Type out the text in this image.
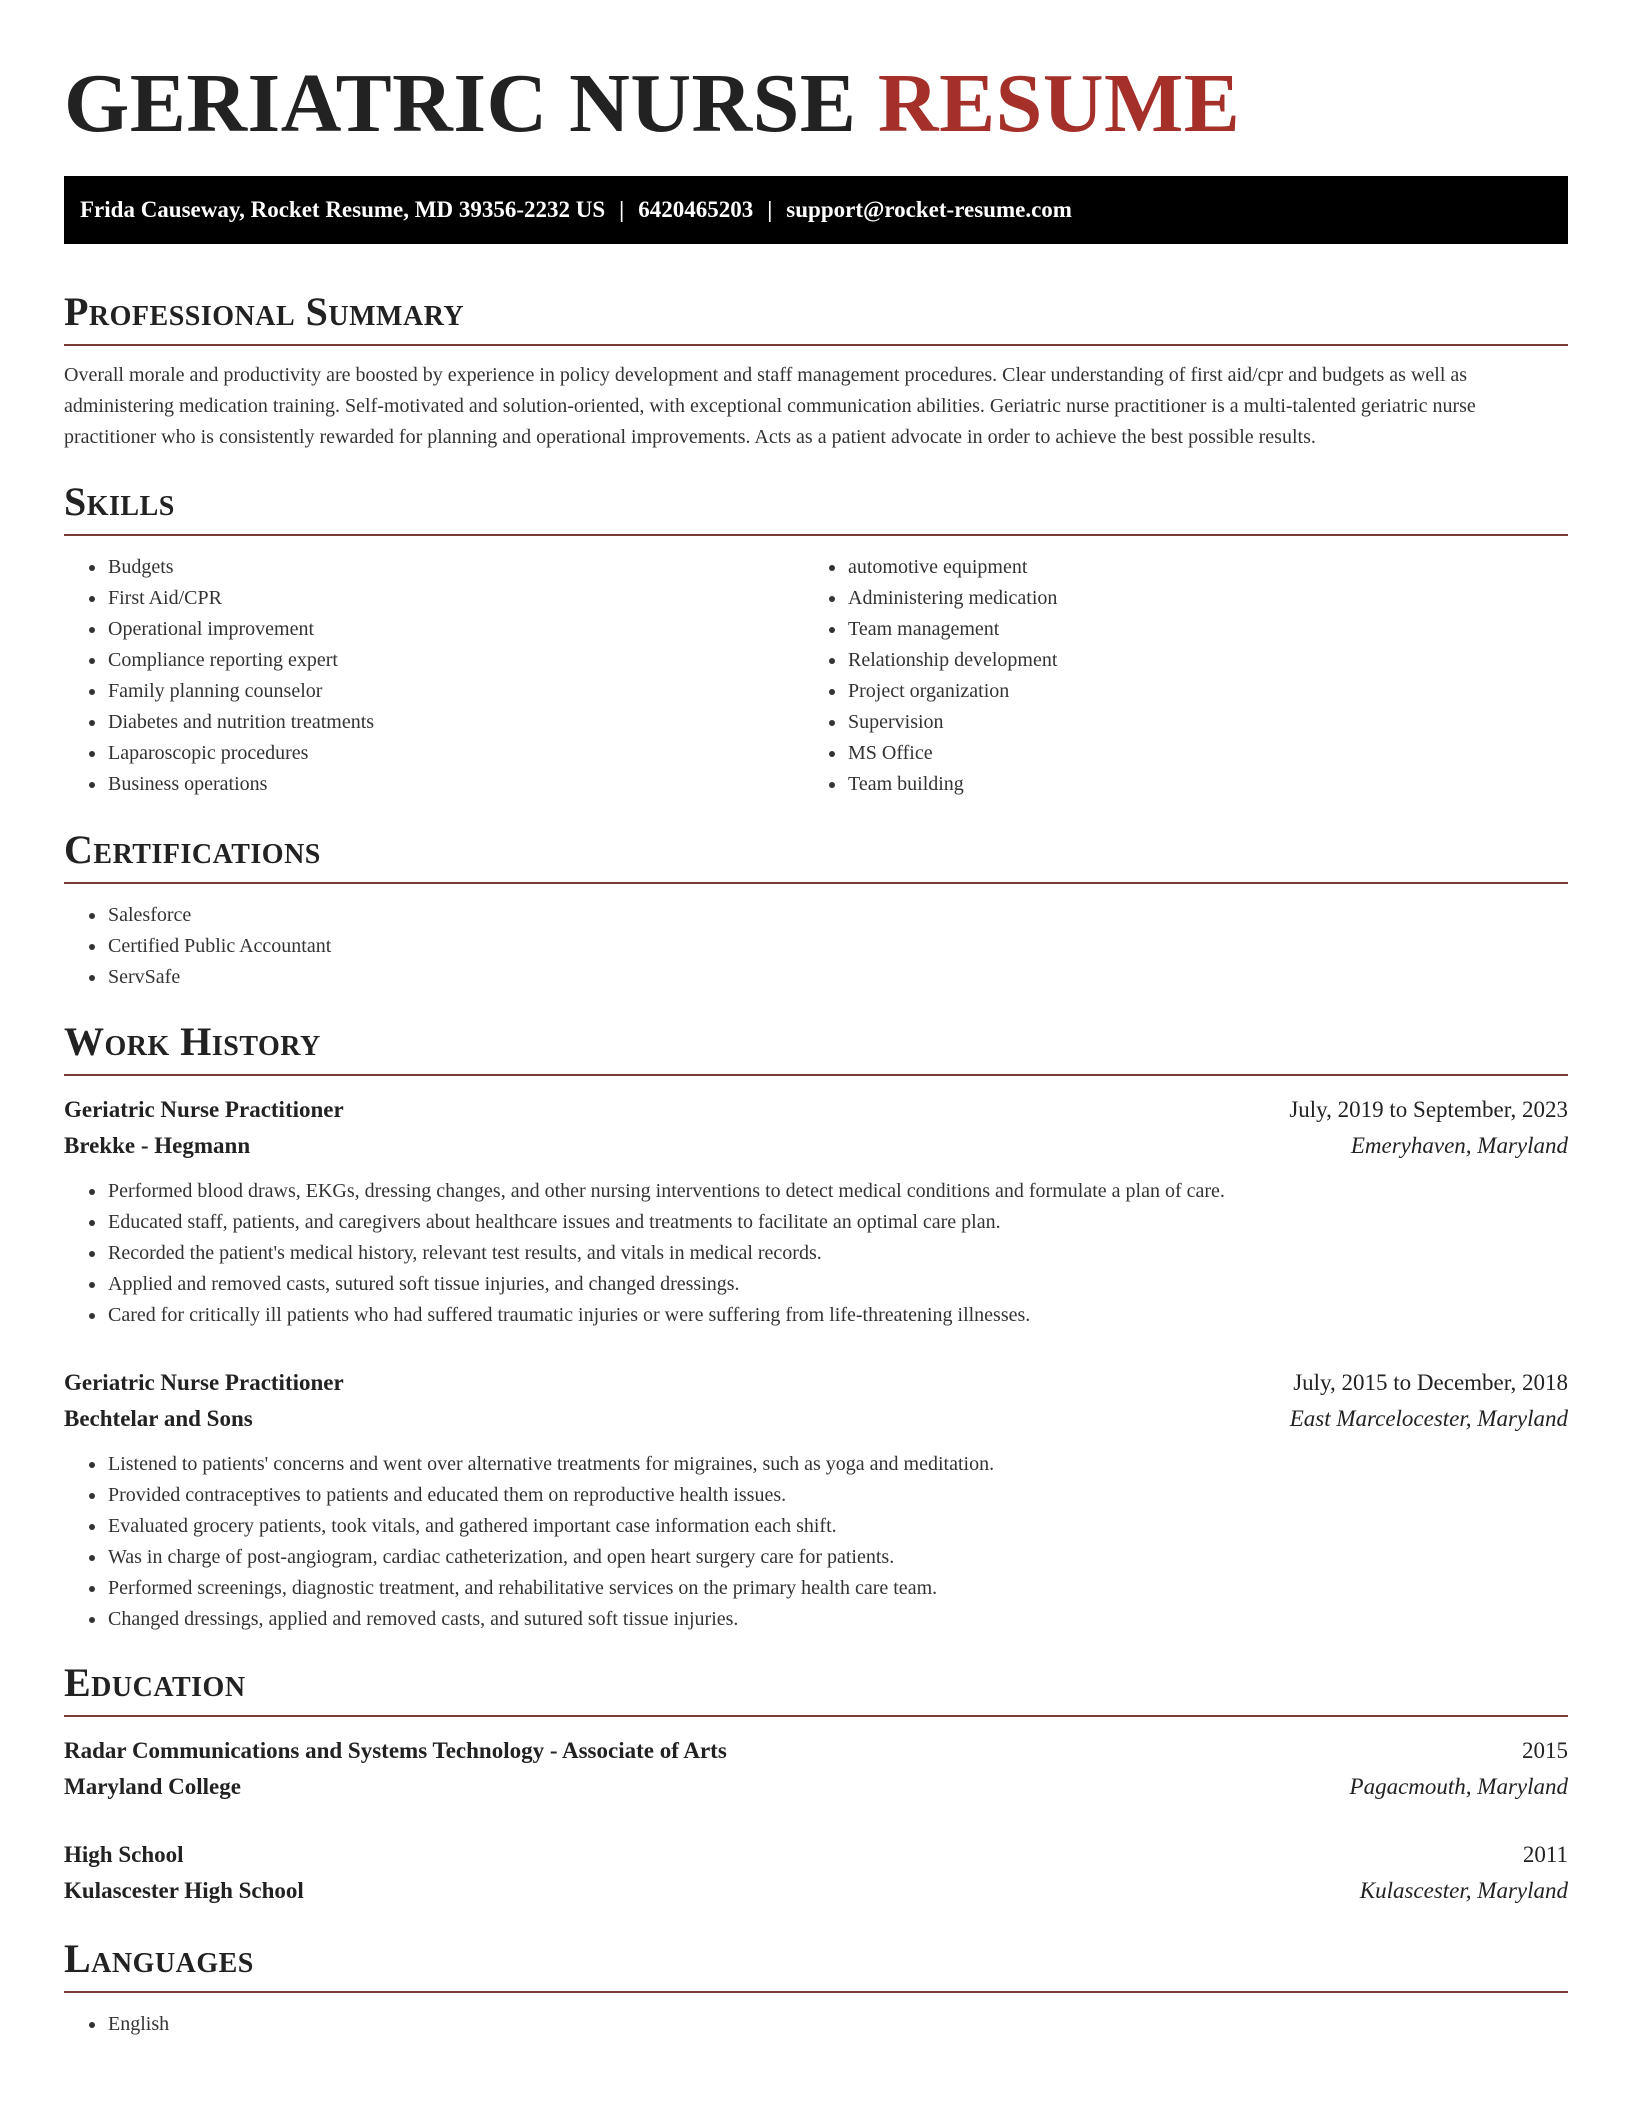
GERIATRIC NURSE RESUME
Frida Causeway, Rocket Resume, MD 39356-2232 US | 6420465203 | support@rocket-resume.com
Professional Summary

Overall morale and productivity are boosted by experience in policy development and staff management procedures. Clear understanding of first aid/cpr and budgets as well as administering medication training. Self-motivated and solution-oriented, with exceptional communication abilities. Geriatric nurse practitioner is a multi-talented geriatric nurse practitioner who is consistently rewarded for planning and operational improvements. Acts as a patient advocate in order to achieve the best possible results.

Skills
• Budgets
• First Aid/CPR
• Operational improvement
• Compliance reporting expert
• Family planning counselor
• Diabetes and nutrition treatments
• Laparoscopic procedures
• Business operations
• automotive equipment
• Administering medication
• Team management
• Relationship development
• Project organization
• Supervision
• MS Office
• Team building
Certifications
• Salesforce
• Certified Public Accountant
• ServSafe
Work History
Geriatric Nurse Practitioner	July, 2019 to September, 2023
Brekke - Hegmann	Emeryhaven, Maryland
• Performed blood draws, EKGs, dressing changes, and other nursing interventions to detect medical conditions and formulate a plan of care.
• Educated staff, patients, and caregivers about healthcare issues and treatments to facilitate an optimal care plan.
• Recorded the patient's medical history, relevant test results, and vitals in medical records.
• Applied and removed casts, sutured soft tissue injuries, and changed dressings.
• Cared for critically ill patients who had suffered traumatic injuries or were suffering from life-threatening illnesses.
Geriatric Nurse Practitioner	July, 2015 to December, 2018
Bechtelar and Sons	East Marcelocester, Maryland
• Listened to patients' concerns and went over alternative treatments for migraines, such as yoga and meditation.
• Provided contraceptives to patients and educated them on reproductive health issues.
• Evaluated grocery patients, took vitals, and gathered important case information each shift.
• Was in charge of post-angiogram, cardiac catheterization, and open heart surgery care for patients.
• Performed screenings, diagnostic treatment, and rehabilitative services on the primary health care team.
• Changed dressings, applied and removed casts, and sutured soft tissue injuries.
Education
Radar Communications and Systems Technology - Associate of Arts	2015
Maryland College	Pagacmouth, Maryland
High School	2011
Kulascester High School	Kulascester, Maryland
Languages
• English
